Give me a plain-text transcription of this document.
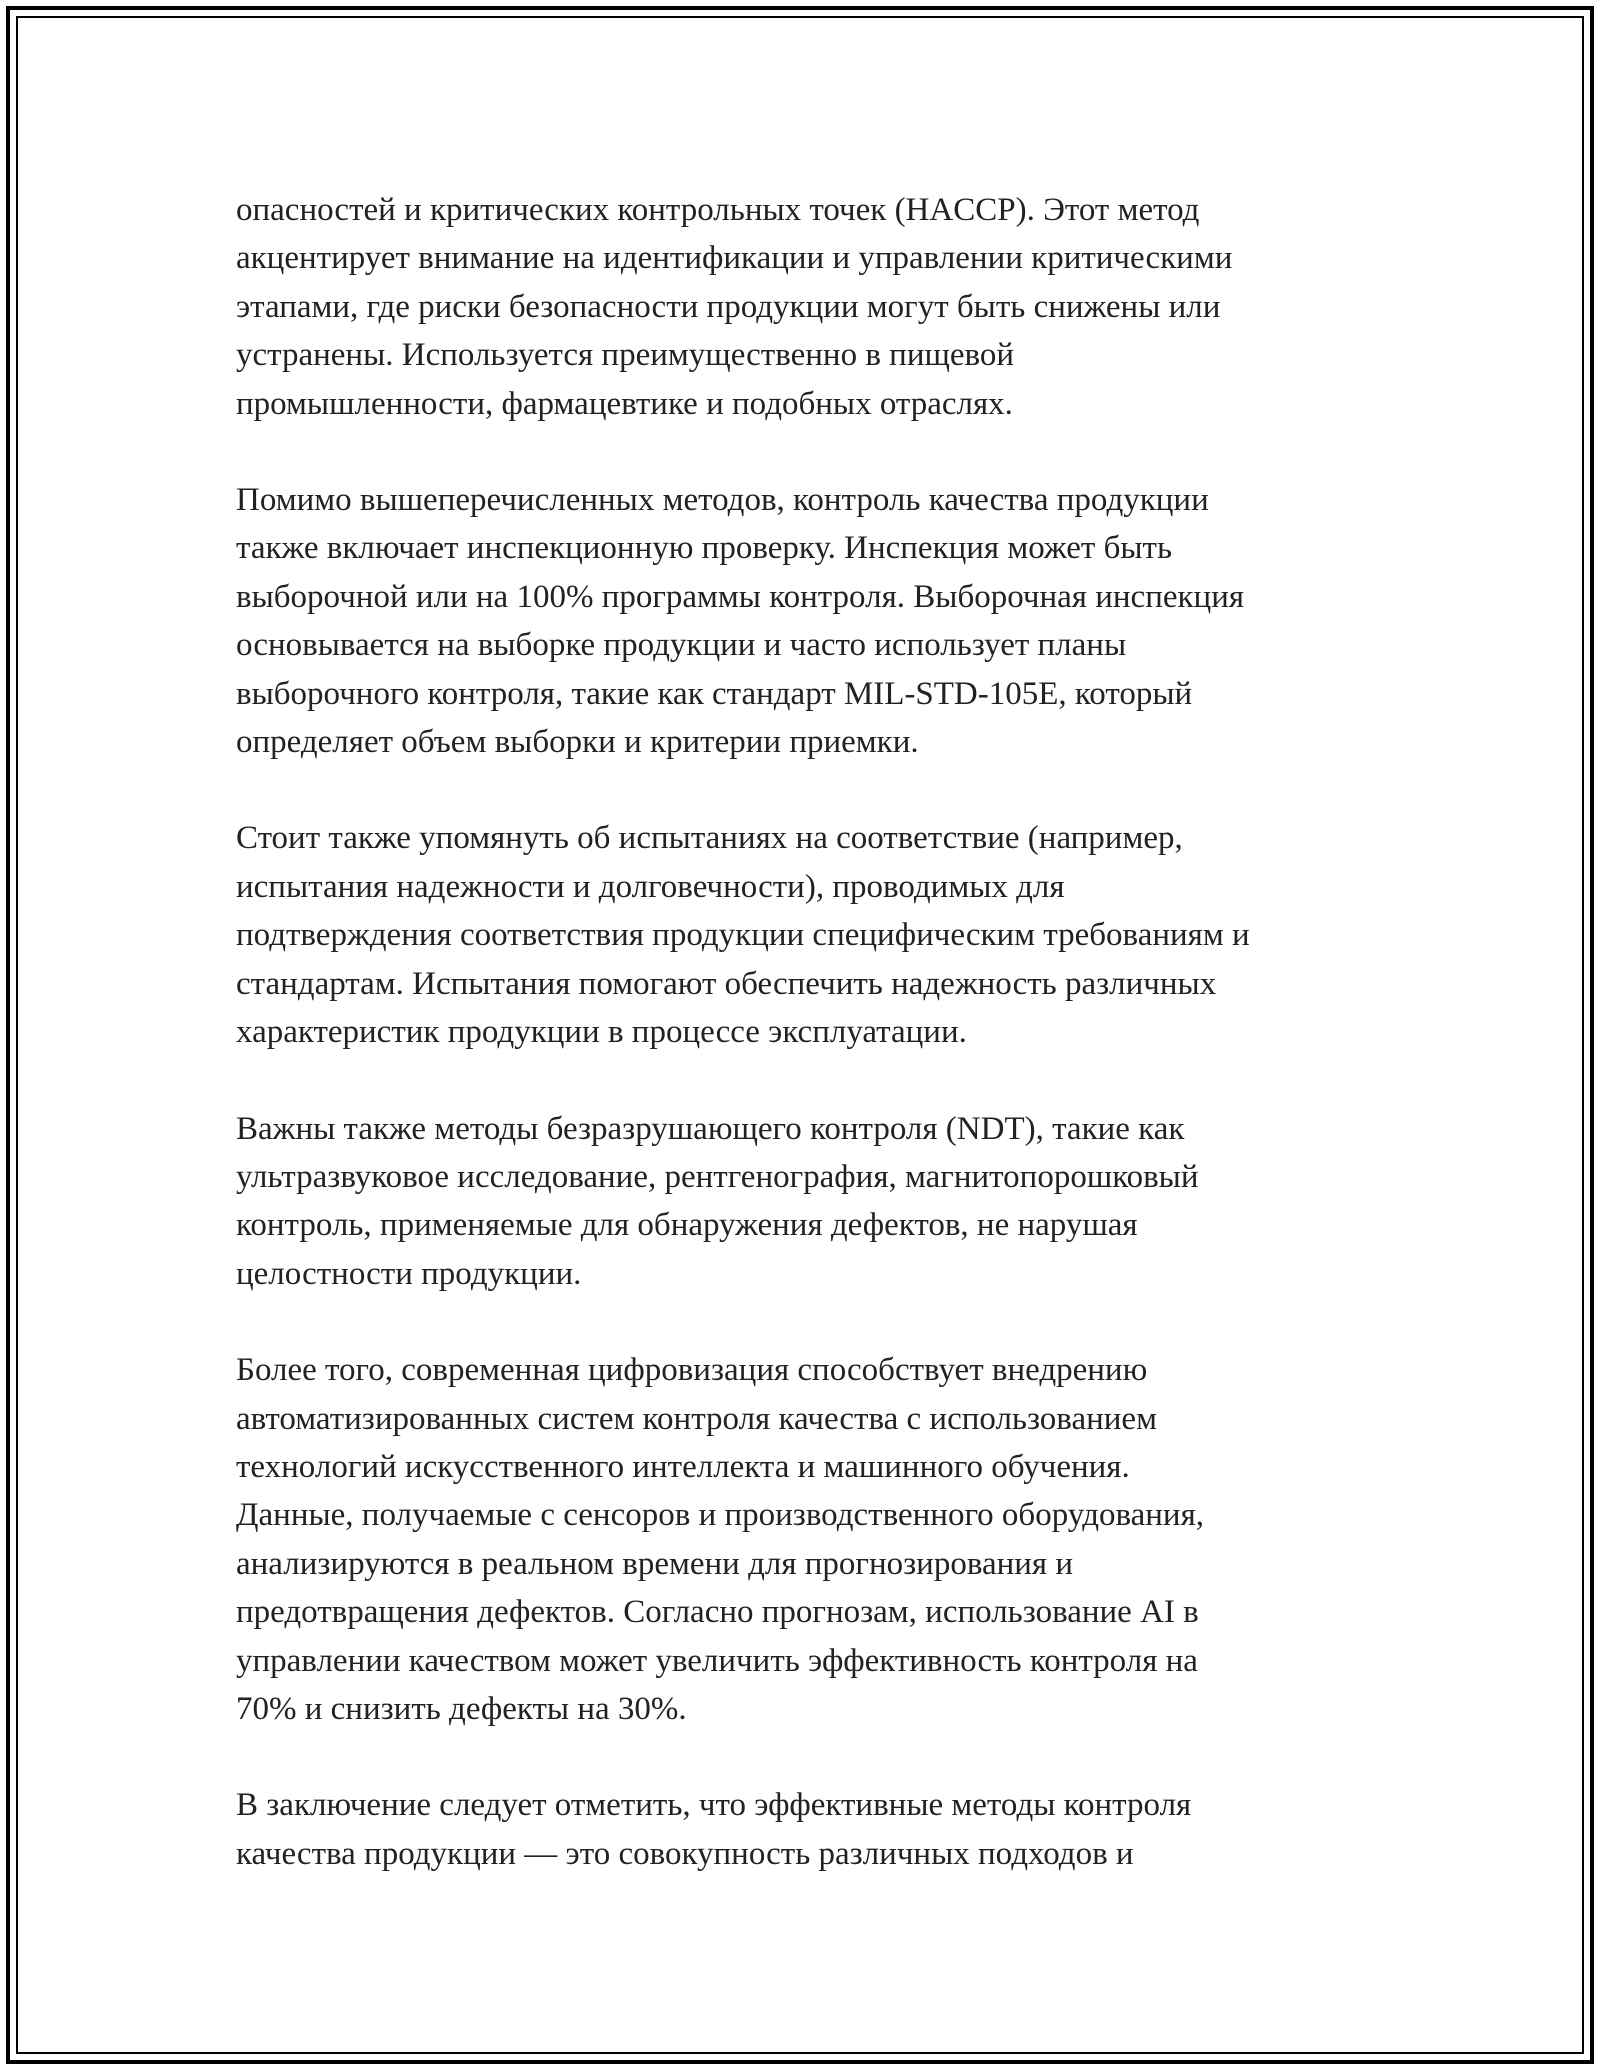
опасностей и критических контрольных точек (HACCP). Этот метод
акцентирует внимание на идентификации и управлении критическими
этапами, где риски безопасности продукции могут быть снижены или
устранены. Используется преимущественно в пищевой
промышленности, фармацевтике и подобных отраслях.

Помимо вышеперечисленных методов, контроль качества продукции
также включает инспекционную проверку. Инспекция может быть
выборочной или на 100% программы контроля. Выборочная инспекция
основывается на выборке продукции и часто использует планы
выборочного контроля, такие как стандарт MIL-STD-105E, который
определяет объем выборки и критерии приемки.

Стоит также упомянуть об испытаниях на соответствие (например,
испытания надежности и долговечности), проводимых для
подтверждения соответствия продукции специфическим требованиям и
стандартам. Испытания помогают обеспечить надежность различных
характеристик продукции в процессе эксплуатации.

Важны также методы безразрушающего контроля (NDT), такие как
ультразвуковое исследование, рентгенография, магнитопорошковый
контроль, применяемые для обнаружения дефектов, не нарушая
целостности продукции.

Более того, современная цифровизация способствует внедрению
автоматизированных систем контроля качества с использованием
технологий искусственного интеллекта и машинного обучения.
Данные, получаемые с сенсоров и производственного оборудования,
анализируются в реальном времени для прогнозирования и
предотвращения дефектов. Согласно прогнозам, использование AI в
управлении качеством может увеличить эффективность контроля на
70% и снизить дефекты на 30%.

В заключение следует отметить, что эффективные методы контроля
качества продукции — это совокупность различных подходов и
